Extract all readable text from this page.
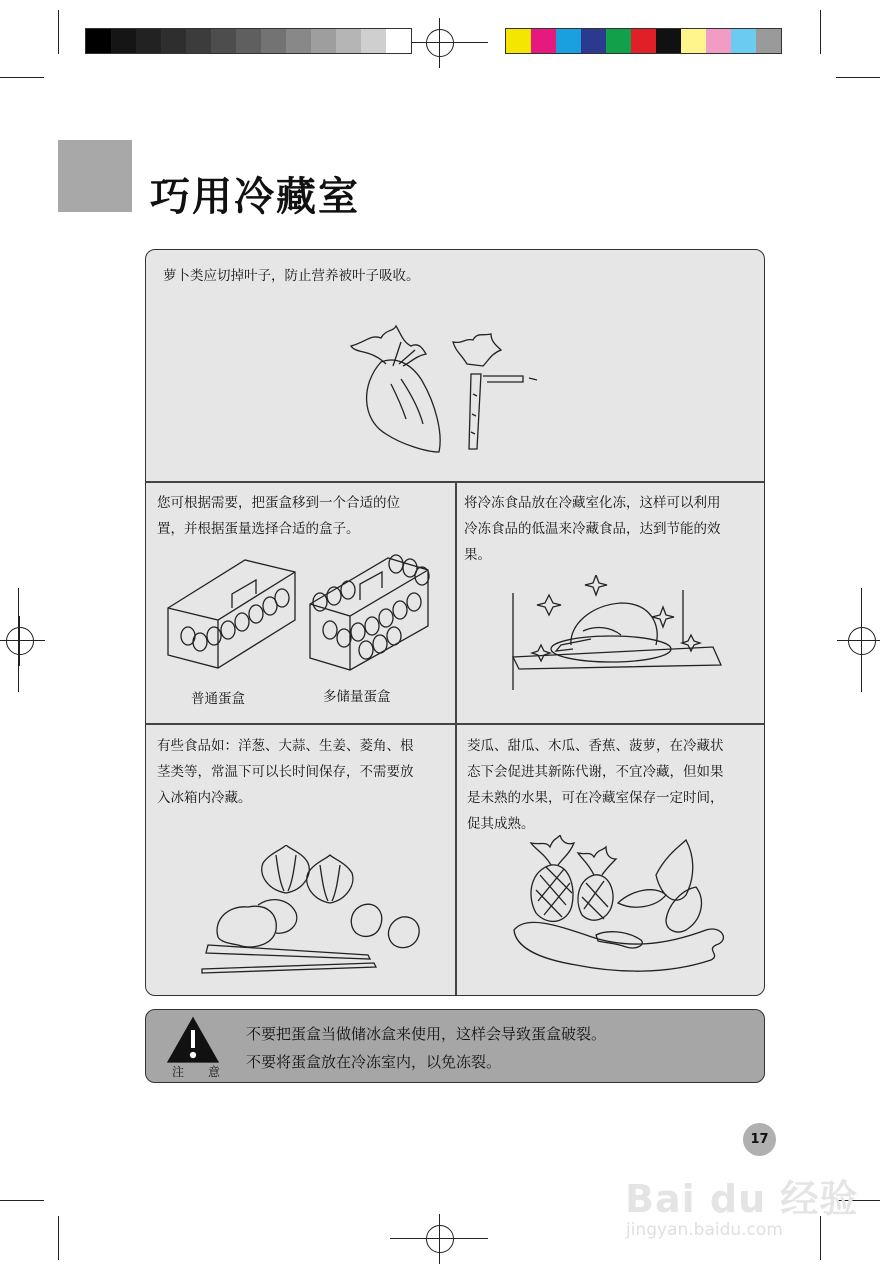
巧用冷藏室
萝卜类应切掉叶子，防止营养被叶子吸收。
您可根据需要，把蛋盒移到一个合适的位
置，并根据蛋量选择合适的盒子。
普通蛋盒	多储量蛋盒
将冷冻食品放在冷藏室化冻，这样可以利用
冷冻食品的低温来冷藏食品，达到节能的效
果。
有些食品如：洋葱、大蒜、生姜、菱角、根
茎类等，常温下可以长时间保存，不需要放
入冰箱内冷藏。
茭瓜、甜瓜、木瓜、香蕉、菠萝，在冷藏状
态下会促进其新陈代谢，不宜冷藏，但如果
是未熟的水果，可在冷藏室保存一定时间，
促其成熟。
注 意
不要把蛋盒当做储冰盒来使用，这样会导致蛋盒破裂。
不要将蛋盒放在冷冻室内，以免冻裂。
17
Bai du 经验
jingyan.baidu.com
